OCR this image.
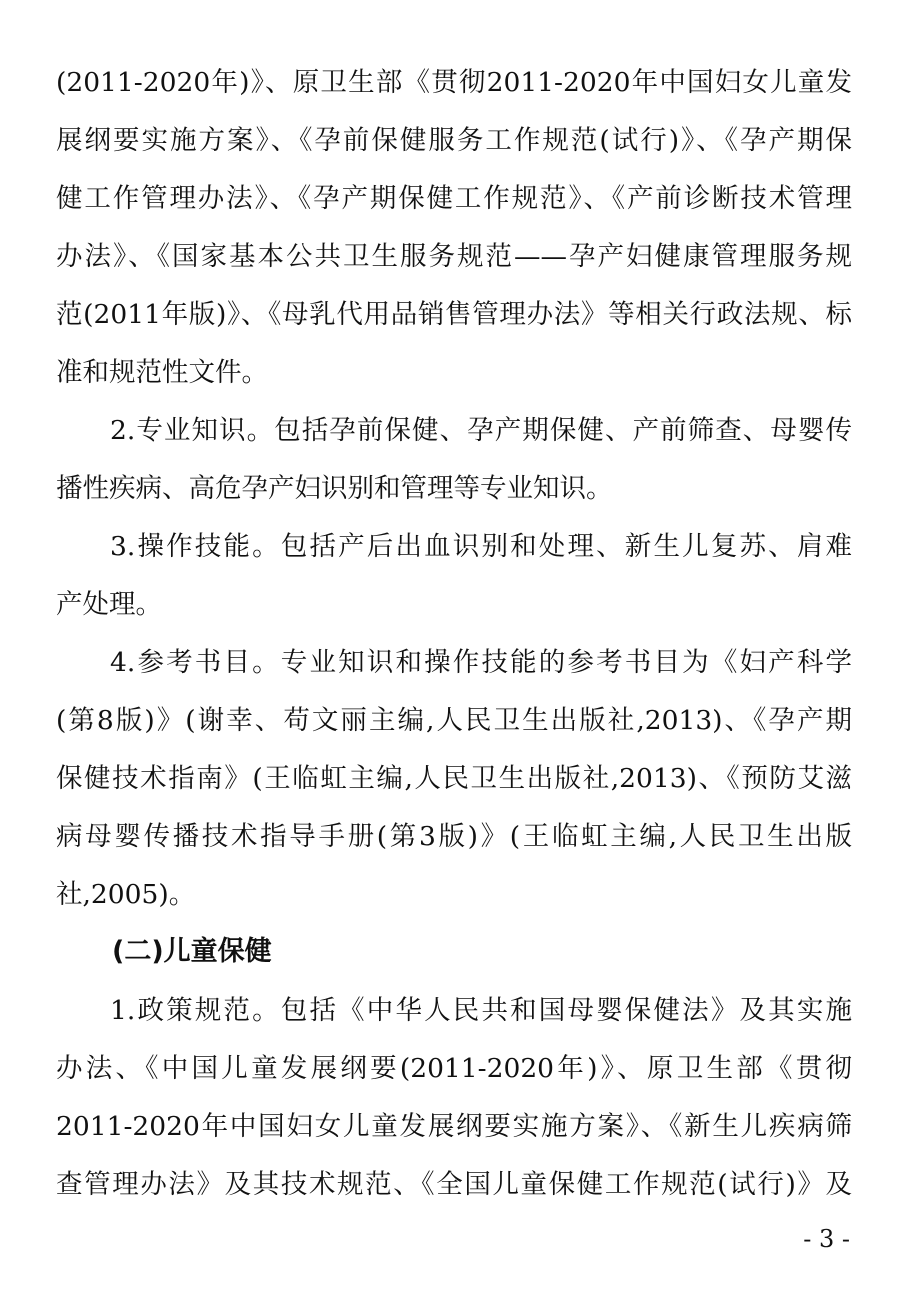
(2011-2020年)》、原卫生部《贯彻2011-2020年中国妇女儿童发
展纲要实施方案》、《孕前保健服务工作规范(试行)》、《孕产期保
健工作管理办法》、《孕产期保健工作规范》、《产前诊断技术管理
办法》、《国家基本公共卫生服务规范——孕产妇健康管理服务规
范(2011年版)》、《母乳代用品销售管理办法》等相关行政法规、标
准和规范性文件。
2.专业知识。包括孕前保健、孕产期保健、产前筛查、母婴传
播性疾病、高危孕产妇识别和管理等专业知识。
3.操作技能。包括产后出血识别和处理、新生儿复苏、肩难
产处理。
4.参考书目。专业知识和操作技能的参考书目为《妇产科学
(第8版)》(谢幸、苟文丽主编,人民卫生出版社,2013)、《孕产期
保健技术指南》(王临虹主编,人民卫生出版社,2013)、《预防艾滋
病母婴传播技术指导手册(第3版)》(王临虹主编,人民卫生出版
社,2005)。
(二)儿童保健
1.政策规范。包括《中华人民共和国母婴保健法》及其实施
办法、《中国儿童发展纲要(2011-2020年)》、原卫生部《贯彻
2011-2020年中国妇女儿童发展纲要实施方案》、《新生儿疾病筛
查管理办法》及其技术规范、《全国儿童保健工作规范(试行)》及
- 3 -
